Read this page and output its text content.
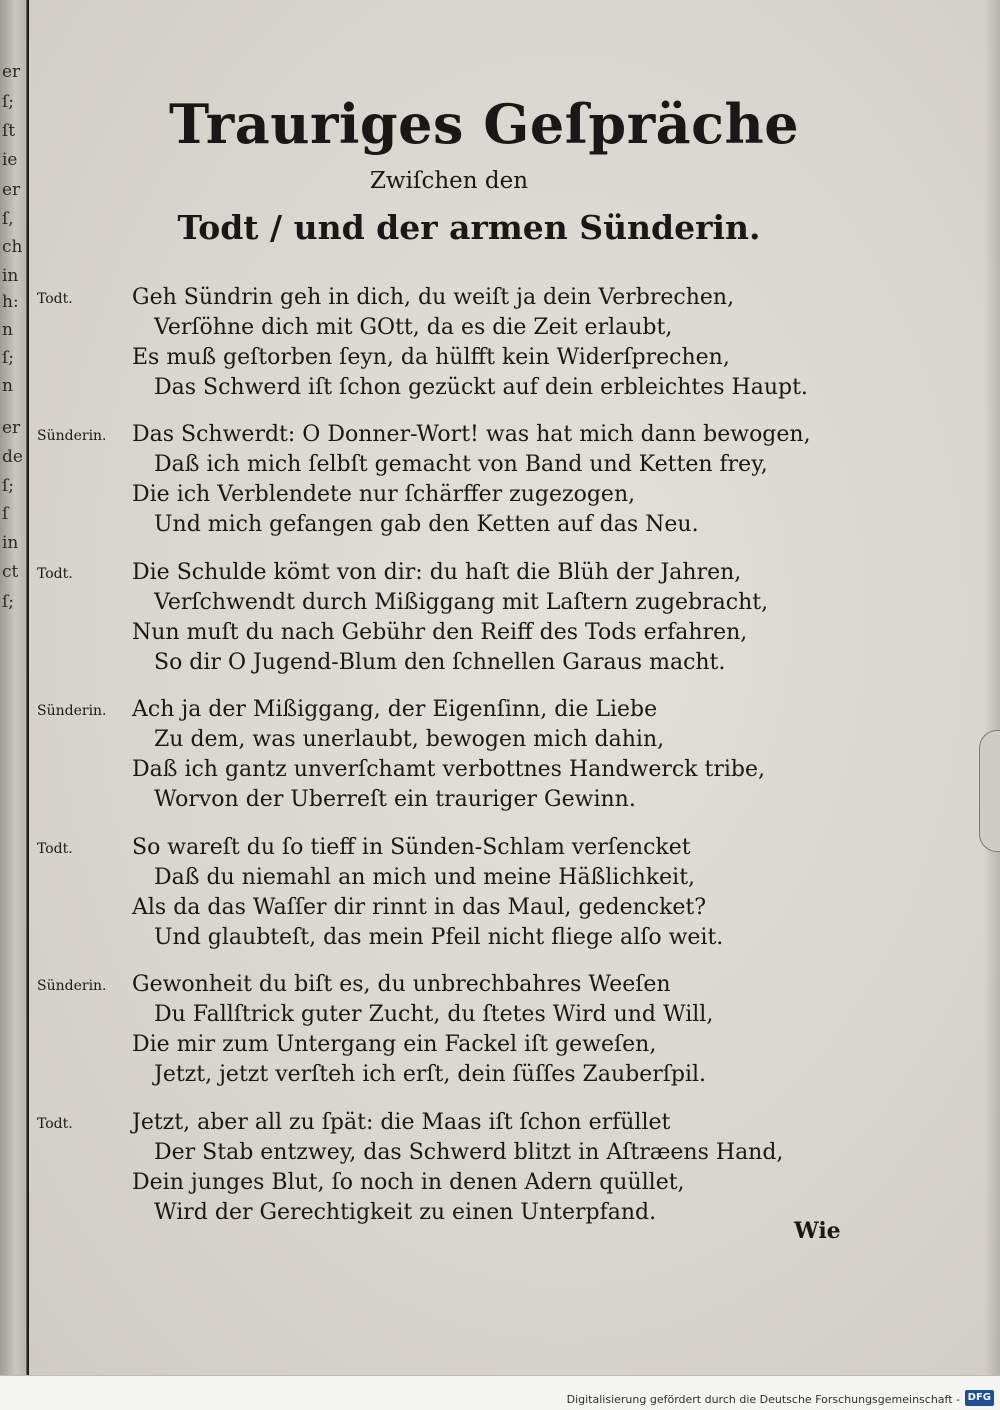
er
ſ;
ſt
ie
er
ſ,
ch
in
h:
n
ſ;
n
er
de
ſ;
ſ
in
ct
ſ;
Trauriges Geſpräche
Zwiſchen den
Todt / und der armen Sünderin.
Todt.	Geh Sündrin geh in dich, du weiſt ja dein Verbrechen,
Verſöhne dich mit GOtt, da es die Zeit erlaubt,
Es muß geſtorben ſeyn, da hülfft kein Widerſprechen,
Das Schwerd iſt ſchon gezückt auf dein erbleichtes Haupt.
Sünderin. Das Schwerdt: O Donner-Wort! was hat mich dann bewogen,
Daß ich mich ſelbſt gemacht von Band und Ketten frey,
Die ich Verblendete nur ſchärffer zugezogen,
Und mich gefangen gab den Ketten auf das Neu.
Todt.	Die Schulde kömt von dir: du haſt die Blüh der Jahren,
Verſchwendt durch Mißiggang mit Laſtern zugebracht,
Nun muſt du nach Gebühr den Reiff des Tods erfahren,
So dir O Jugend-Blum den ſchnellen Garaus macht.
Sünderin. Ach ja der Mißiggang, der Eigenſinn, die Liebe
Zu dem, was unerlaubt, bewogen mich dahin,
Daß ich gantz unverſchamt verbottnes Handwerck tribe,
Worvon der Uberreſt ein trauriger Gewinn.
Todt.	So wareſt du ſo tieff in Sünden-Schlam verſencket
Daß du niemahl an mich und meine Häßlichkeit,
Als da das Waſſer dir rinnt in das Maul, gedencket?
Und glaubteſt, das mein Pfeil nicht fliege alſo weit.
Sünderin. Gewonheit du biſt es, du unbrechbahres Weeſen
Du Fallſtrick guter Zucht, du ſtetes Wird und Will,
Die mir zum Untergang ein Fackel iſt geweſen,
Jetzt, jetzt verſteh ich erſt, dein ſüſſes Zauberſpil.
Todt.	Jetzt, aber all zu ſpät: die Maas iſt ſchon erfüllet
Der Stab entzwey, das Schwerd blitzt in Aſtræens Hand,
Dein junges Blut, ſo noch in denen Adern quüllet,
Wird der Gerechtigkeit zu einen Unterpfand.
Wie
Digitalisierung gefördert durch die Deutsche Forschungsgemeinschaft - DFG
